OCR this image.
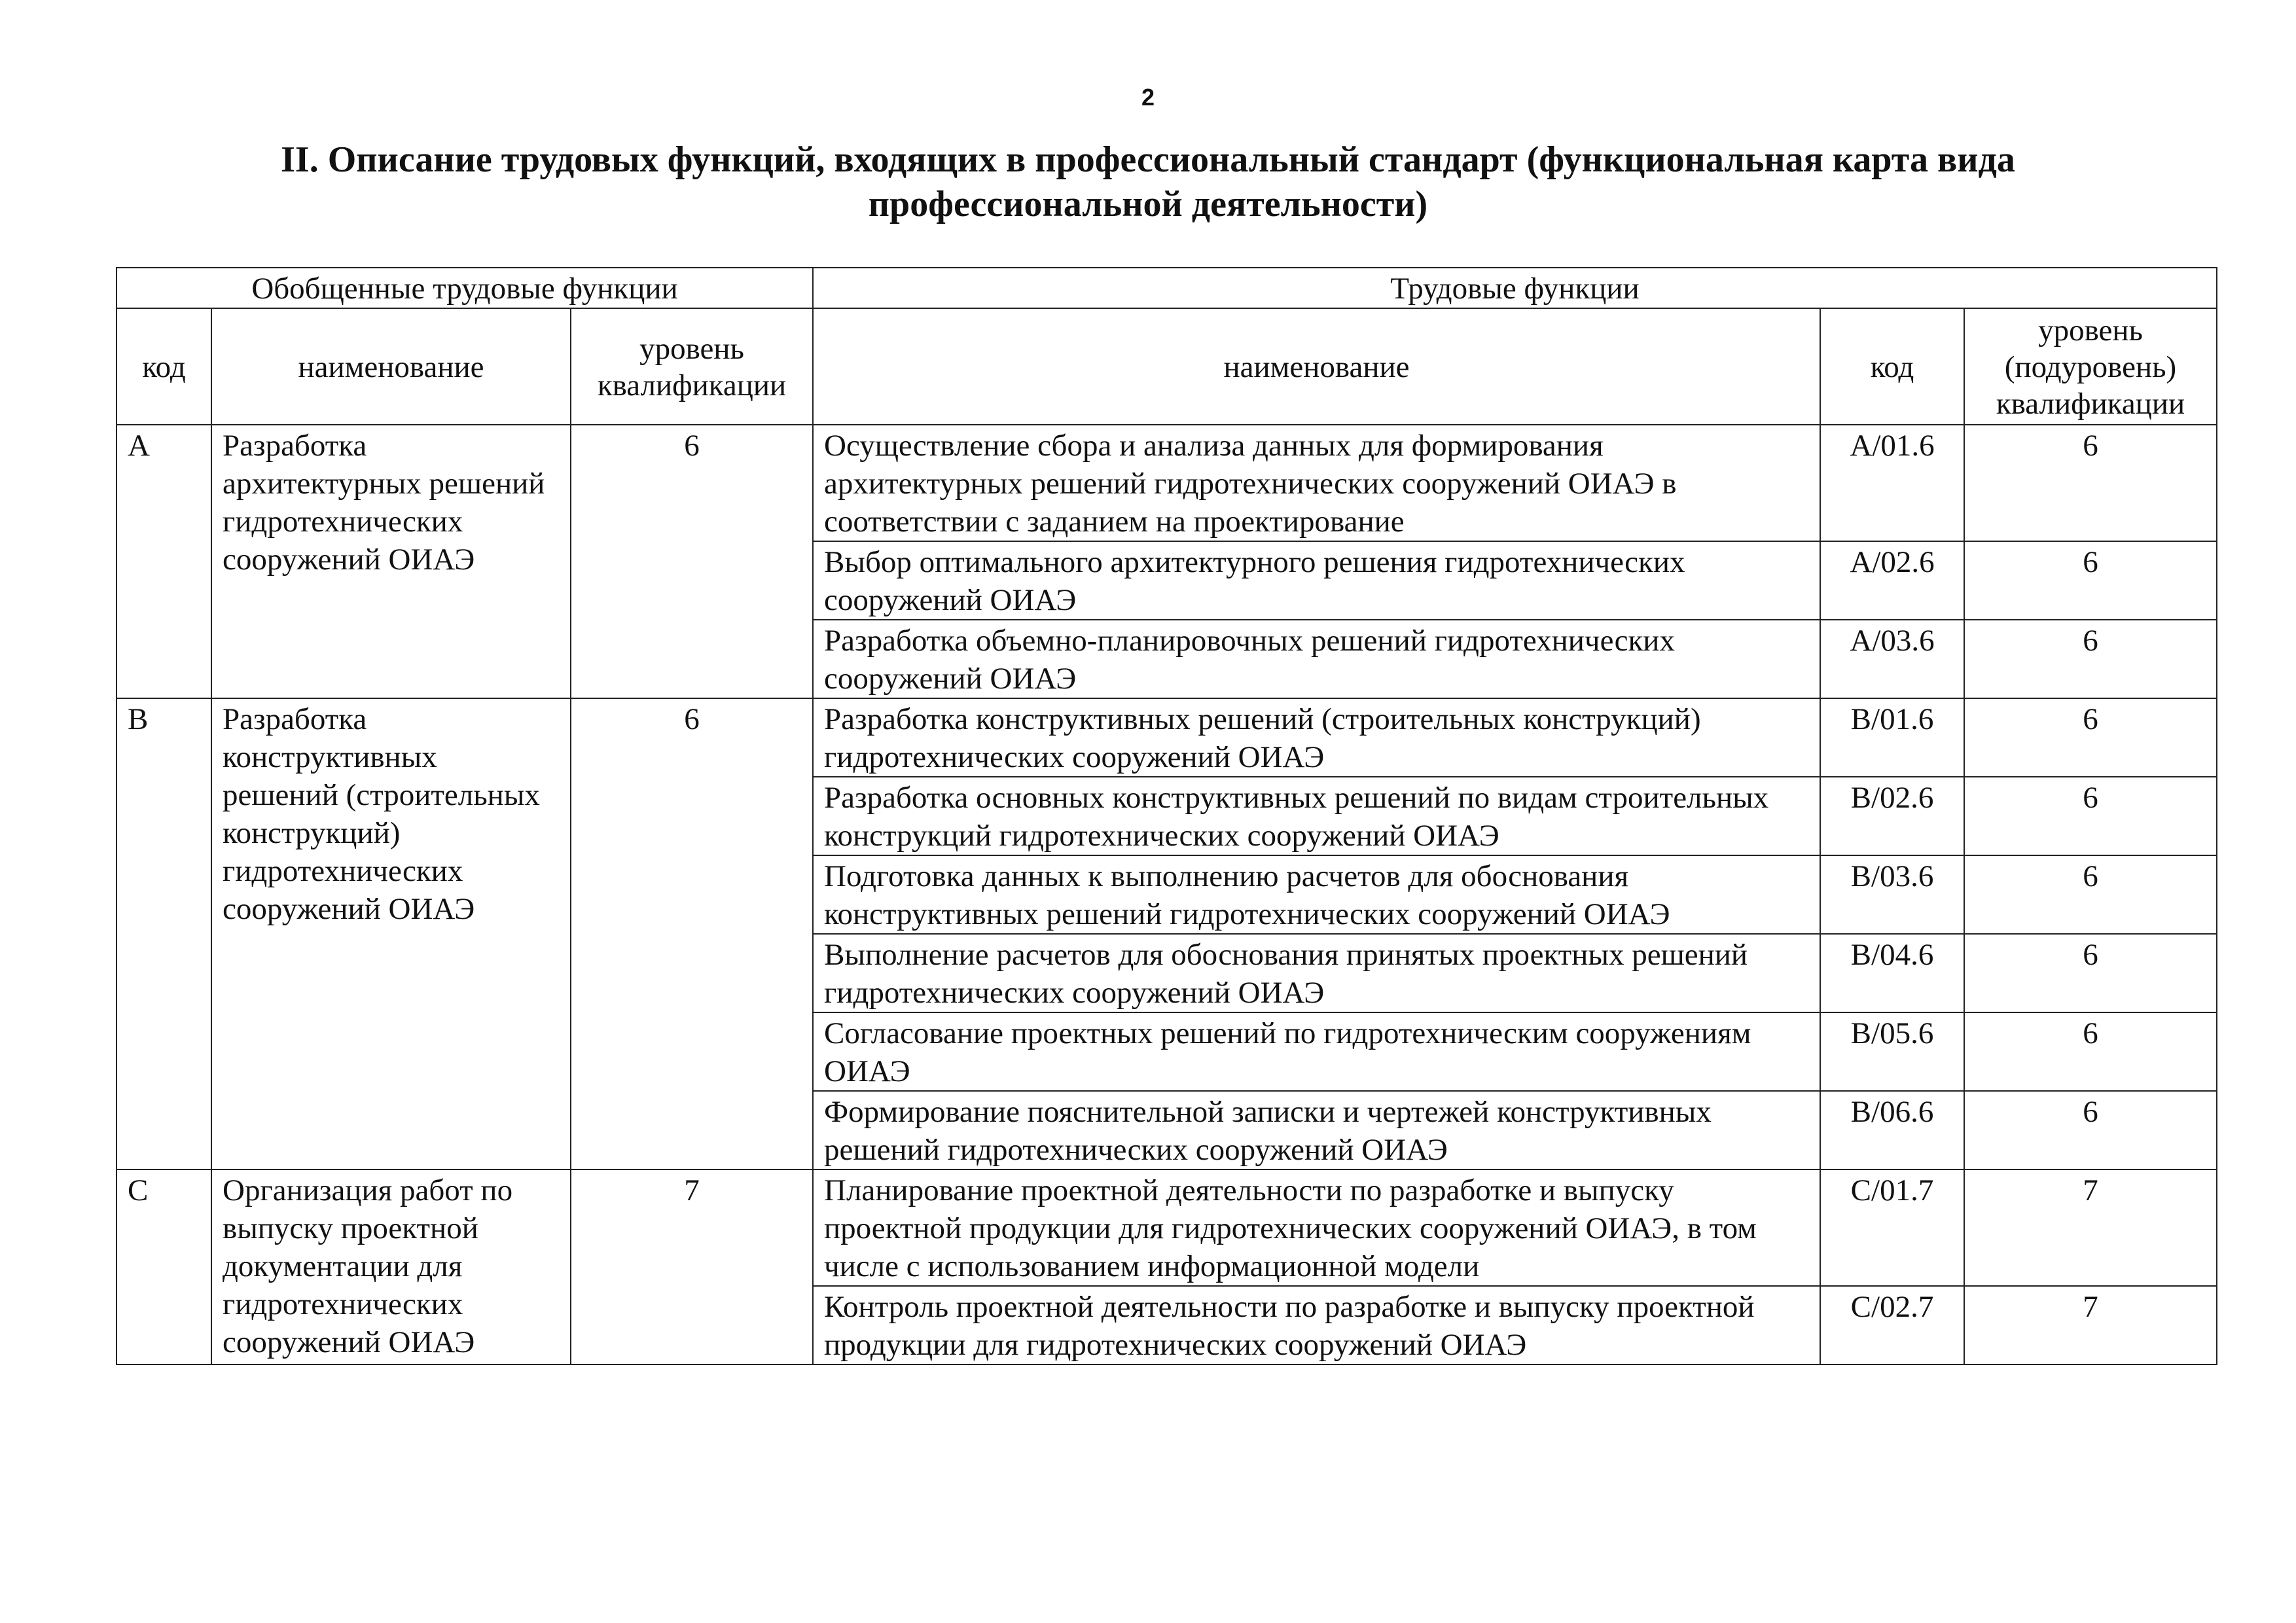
2
II. Описание трудовых функций, входящих в профессиональный стандарт (функциональная карта вида профессиональной деятельности)
Обобщенные трудовые функции			Трудовые функции		
код	наименование	уровень квалификации	наименование	код	уровень (подуровень) квалификации
A	Разработка архитектурных решений гидротехнических сооружений ОИАЭ	6	Осуществление сбора и анализа данных для формирования архитектурных решений гидротехнических сооружений ОИАЭ в соответствии с заданием на проектирование	A/01.6	6
			Выбор оптимального архитектурного решения гидротехнических сооружений ОИАЭ	A/02.6	6
			Разработка объемно-планировочных решений гидротехнических сооружений ОИАЭ	A/03.6	6
B	Разработка конструктивных решений (строительных конструкций) гидротехнических сооружений ОИАЭ	6	Разработка конструктивных решений (строительных конструкций) гидротехнических сооружений ОИАЭ	B/01.6	6
			Разработка основных конструктивных решений по видам строительных конструкций гидротехнических сооружений ОИАЭ	B/02.6	6
			Подготовка данных к выполнению расчетов для обоснования конструктивных решений гидротехнических сооружений ОИАЭ	B/03.6	6
			Выполнение расчетов для обоснования принятых проектных решений гидротехнических сооружений ОИАЭ	B/04.6	6
			Согласование проектных решений по гидротехническим сооружениям ОИАЭ	B/05.6	6
			Формирование пояснительной записки и чертежей конструктивных решений гидротехнических сооружений ОИАЭ	B/06.6	6
C	Организация работ по выпуску проектной документации для гидротехнических сооружений ОИАЭ	7	Планирование проектной деятельности по разработке и выпуску проектной продукции для гидротехнических сооружений ОИАЭ, в том числе с использованием информационной модели	C/01.7	7
			Контроль проектной деятельности по разработке и выпуску проектной продукции для гидротехнических сооружений ОИАЭ	C/02.7	7
